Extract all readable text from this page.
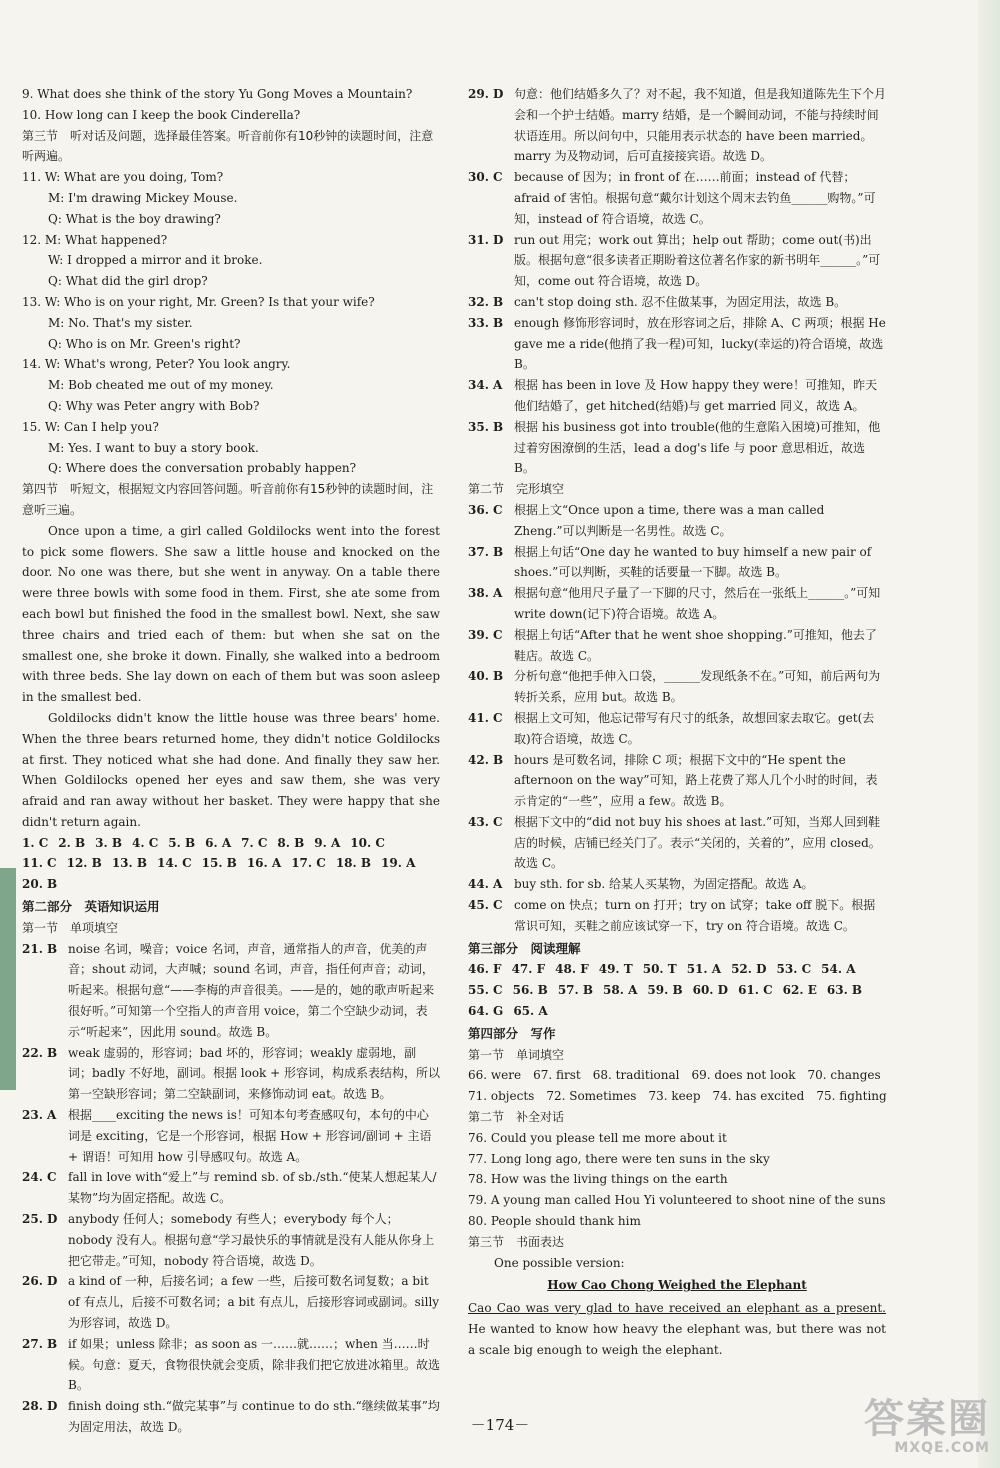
9. What does she think of the story Yu Gong Moves a Mountain?
10. How long can I keep the book Cinderella?
第三节　听对话及问题，选择最佳答案。听音前你有10秒钟的读题时间，注意听两遍。
11. W: What are you doing, Tom?
M: I'm drawing Mickey Mouse.
Q: What is the boy drawing?
12. M: What happened?
W: I dropped a mirror and it broke.
Q: What did the girl drop?
13. W: Who is on your right, Mr. Green? Is that your wife?
M: No. That's my sister.
Q: Who is on Mr. Green's right?
14. W: What's wrong, Peter? You look angry.
M: Bob cheated me out of my money.
Q: Why was Peter angry with Bob?
15. W: Can I help you?
M: Yes. I want to buy a story book.
Q: Where does the conversation probably happen?
第四节　听短文，根据短文内容回答问题。听音前你有15秒钟的读题时间，注意听三遍。
Once upon a time, a girl called Goldilocks went into the forest to pick some flowers. She saw a little house and knocked on the door. No one was there, but she went in anyway. On a table there were three bowls with some food in them. First, she ate some from each bowl but finished the food in the smallest bowl. Next, she saw three chairs and tried each of them: but when she sat on the smallest one, she broke it down. Finally, she walked into a bedroom with three beds. She lay down on each of them but was soon asleep in the smallest bed.
Goldilocks didn't know the little house was three bears' home. When the three bears returned home, they didn't notice Goldilocks at first. They noticed what she had done. And finally they saw her. When Goldilocks opened her eyes and saw them, she was very afraid and ran away without her basket. They were happy that she didn't return again.
1. C 2. B 3. B 4. C 5. B 6. A 7. C 8. B 9. A 10. C
11. C 12. B 13. B 14. C 15. B 16. A 17. C 18. B 19. A
20. B
第二部分　英语知识运用
第一节　单项填空
21. B noise 名词，噪音；voice 名词，声音，通常指人的声音，优美的声音；shout 动词，大声喊；sound 名词，声音，指任何声音；动词，听起来。根据句意“——李梅的声音很美。——是的，她的歌声听起来很好听。”可知第一个空指人的声音用 voice，第二个空缺少动词，表示“听起来”，因此用 sound。故选 B。
22. B weak 虚弱的，形容词；bad 坏的，形容词；weakly 虚弱地，副词；badly 不好地，副词。根据 look + 形容词，构成系表结构，所以第一空缺形容词；第二空缺副词，来修饰动词 eat。故选 B。
23. A 根据____exciting the news is！可知本句考查感叹句，本句的中心词是 exciting，它是一个形容词，根据 How + 形容词/副词 + 主语 + 谓语！可知用 how 引导感叹句。故选 A。
24. C fall in love with“爱上”与 remind sb. of sb./sth.“使某人想起某人/某物”均为固定搭配。故选 C。
25. D anybody 任何人；somebody 有些人；everybody 每个人；nobody 没有人。根据句意“学习最快乐的事情就是没有人能从你身上把它带走。”可知，nobody 符合语境，故选 D。
26. D a kind of 一种，后接名词；a few 一些，后接可数名词复数；a bit of 有点儿，后接不可数名词；a bit 有点儿，后接形容词或副词。silly 为形容词，故选 D。
27. B if 如果；unless 除非；as soon as 一……就……；when 当……时候。句意：夏天，食物很快就会变质，除非我们把它放进冰箱里。故选 B。
28. D finish doing sth.“做完某事”与 continue to do sth.“继续做某事”均为固定用法，故选 D。
29. D 句意：他们结婚多久了？对不起，我不知道，但是我知道陈先生下个月会和一个护士结婚。marry 结婚，是一个瞬间动词，不能与持续时间状语连用。所以问句中，只能用表示状态的 have been married。marry 为及物动词，后可直接接宾语。故选 D。
30. C because of 因为；in front of 在……前面；instead of 代替；afraid of 害怕。根据句意“戴尔计划这个周末去钓鱼______购物。”可知，instead of 符合语境，故选 C。
31. D run out 用完；work out 算出；help out 帮助；come out(书)出版。根据句意“很多读者正期盼着这位著名作家的新书明年______。”可知，come out 符合语境，故选 D。
32. B can't stop doing sth. 忍不住做某事，为固定用法，故选 B。
33. B enough 修饰形容词时，放在形容词之后，排除 A、C 两项；根据 He gave me a ride(他捎了我一程)可知，lucky(幸运的)符合语境，故选 B。
34. A 根据 has been in love 及 How happy they were！可推知，昨天他们结婚了，get hitched(结婚)与 get married 同义，故选 A。
35. B 根据 his business got into trouble(他的生意陷入困境)可推知，他过着穷困潦倒的生活，lead a dog's life 与 poor 意思相近，故选 B。
第二节　完形填空
36. C 根据上文“Once upon a time, there was a man called Zheng.”可以判断是一名男性。故选 C。
37. B 根据上句话“One day he wanted to buy himself a new pair of shoes.”可以判断，买鞋的话要量一下脚。故选 B。
38. A 根据句意“他用尺子量了一下脚的尺寸，然后在一张纸上______。”可知 write down(记下)符合语境。故选 A。
39. C 根据上句话“After that he went shoe shopping.”可推知，他去了鞋店。故选 C。
40. B 分析句意“他把手伸入口袋，______发现纸条不在。”可知，前后两句为转折关系，应用 but。故选 B。
41. C 根据上文可知，他忘记带写有尺寸的纸条，故想回家去取它。get(去取)符合语境，故选 C。
42. B hours 是可数名词，排除 C 项；根据下文中的“He spent the afternoon on the way”可知，路上花费了郑人几个小时的时间，表示肯定的“一些”，应用 a few。故选 B。
43. C 根据下文中的“did not buy his shoes at last.”可知，当郑人回到鞋店的时候，店铺已经关门了。表示“关闭的，关着的”，应用 closed。故选 C。
44. A buy sth. for sb. 给某人买某物，为固定搭配。故选 A。
45. C come on 快点；turn on 打开；try on 试穿；take off 脱下。根据常识可知，买鞋之前应该试穿一下，try on 符合语境。故选 C。
第三部分　阅读理解
46. F 47. F 48. F 49. T 50. T 51. A 52. D 53. C 54. A
55. C 56. B 57. B 58. A 59. B 60. D 61. C 62. E 63. B
64. G 65. A
第四部分　写作
第一节　单词填空
66. were 67. first 68. traditional 69. does not look 70. changes
71. objects 72. Sometimes 73. keep 74. has excited 75. fighting
第二节　补全对话
76. Could you please tell me more about it
77. Long long ago, there were ten suns in the sky
78. How was the living things on the earth
79. A young man called Hou Yi volunteered to shoot nine of the suns
80. People should thank him
第三节　书面表达
One possible version:
How Cao Chong Weighed the Elephant
Cao Cao was very glad to have received an elephant as a present. He wanted to know how heavy the elephant was, but there was not a scale big enough to weigh the elephant.
－174－	答案圈
MXQE.COM
